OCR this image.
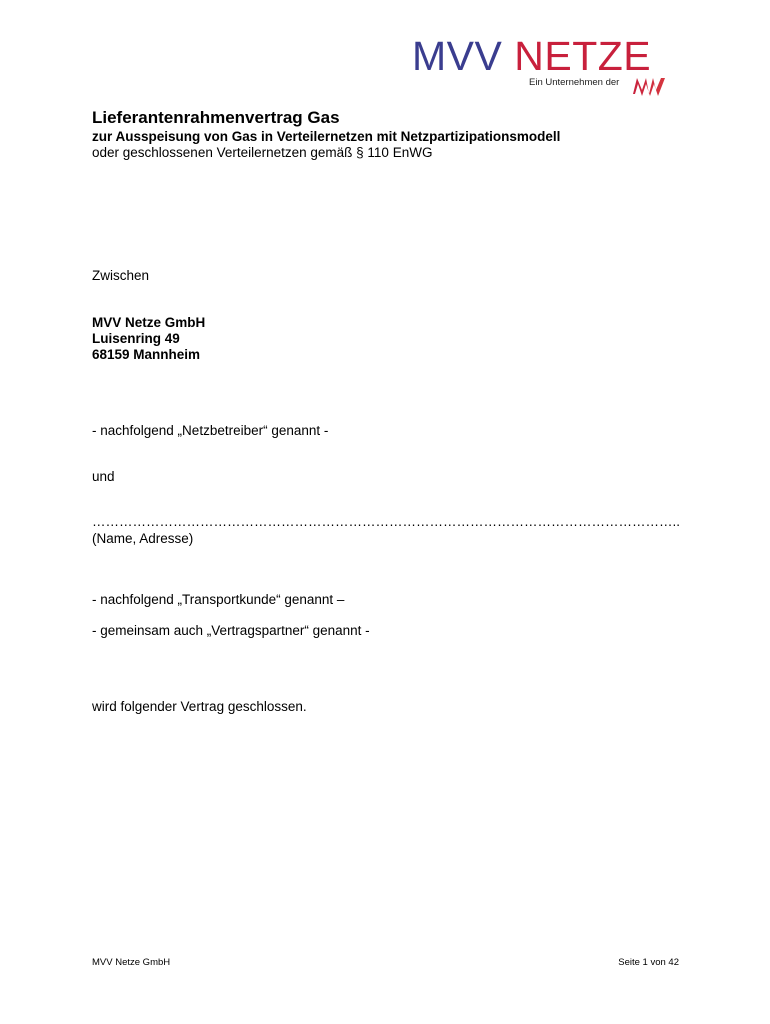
MVV NETZE
Ein Unternehmen der
Lieferantenrahmenvertrag Gas
zur Ausspeisung von Gas in Verteilernetzen mit Netzpartizipationsmodell
oder geschlossenen Verteilernetzen gemäß § 110 EnWG
Zwischen
MVV Netze GmbH
Luisenring 49
68159 Mannheim
- nachfolgend „Netzbetreiber“ genannt -
und
…………………………………………………………………………………………………………………..
(Name, Adresse)
- nachfolgend „Transportkunde“ genannt –
- gemeinsam auch „Vertragspartner“ genannt -
wird folgender Vertrag geschlossen.
MVV Netze GmbH	Seite 1 von 42
